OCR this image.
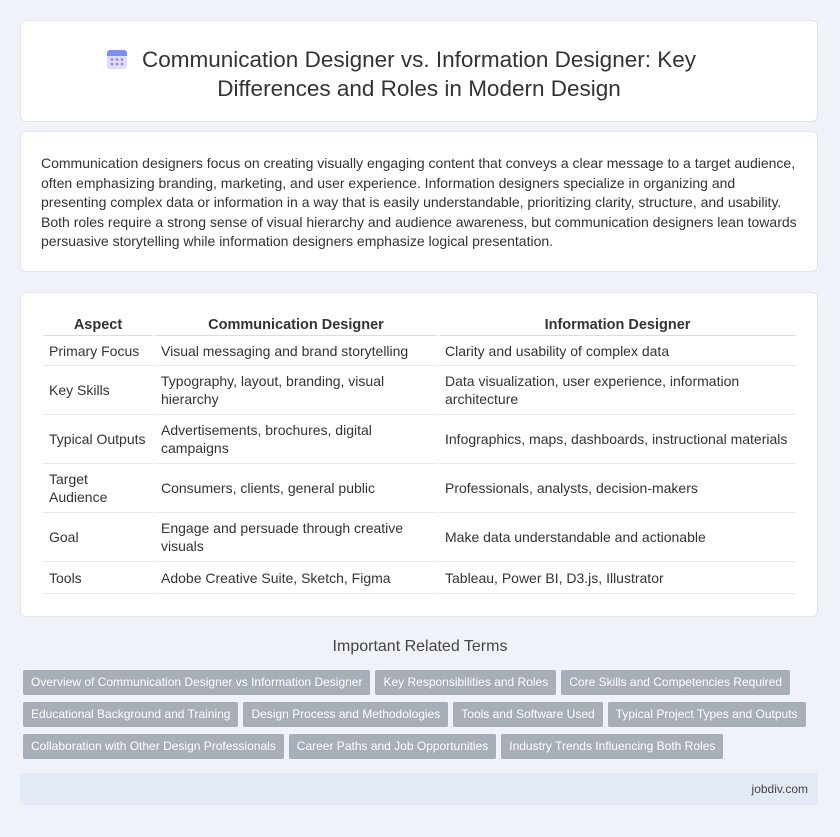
Communication Designer vs. Information Designer: Key Differences and Roles in Modern Design

Communication designers focus on creating visually engaging content that conveys a clear message to a target audience, often emphasizing branding, marketing, and user experience. Information designers specialize in organizing and presenting complex data or information in a way that is easily understandable, prioritizing clarity, structure, and usability. Both roles require a strong sense of visual hierarchy and audience awareness, but communication designers lean towards persuasive storytelling while information designers emphasize logical presentation.

Aspect	Communication Designer	Information Designer
Primary Focus	Visual messaging and brand storytelling	Clarity and usability of complex data
Key Skills	Typography, layout, branding, visual hierarchy	Data visualization, user experience, information architecture
Typical Outputs	Advertisements, brochures, digital campaigns	Infographics, maps, dashboards, instructional materials
Target Audience	Consumers, clients, general public	Professionals, analysts, decision-makers
Goal	Engage and persuade through creative visuals	Make data understandable and actionable
Tools	Adobe Creative Suite, Sketch, Figma	Tableau, Power BI, D3.js, Illustrator
Important Related Terms
Overview of Communication Designer vs Information Designer Key Responsibilities and Roles Core Skills and Competencies Required
Educational Background and Training Design Process and Methodologies Tools and Software Used Typical Project Types and Outputs
Collaboration with Other Design Professionals Career Paths and Job Opportunities Industry Trends Influencing Both Roles
jobdiv.com
